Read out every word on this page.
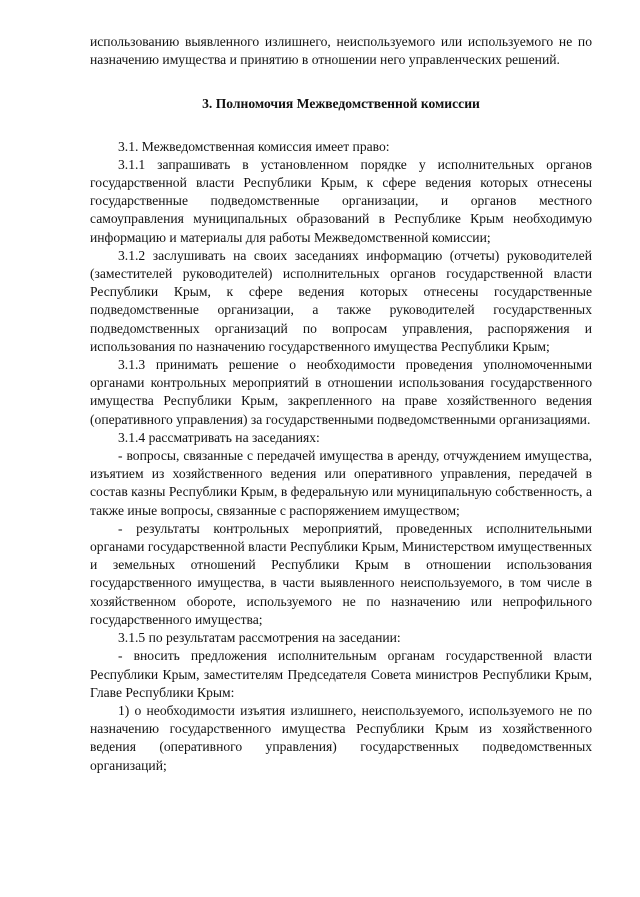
использованию выявленного излишнего, неиспользуемого или используемого не по назначению имущества и принятию в отношении него управленческих решений.

3. Полномочия Межведомственной комиссии

3.1. Межведомственная комиссия имеет право:

3.1.1 запрашивать в установленном порядке у исполнительных органов государственной власти Республики Крым, к сфере ведения которых отнесены государственные подведомственные организации, и органов местного самоуправления муниципальных образований в Республике Крым необходимую информацию и материалы для работы Межведомственной комиссии;

3.1.2 заслушивать на своих заседаниях информацию (отчеты) руководителей (заместителей руководителей) исполнительных органов государственной власти Республики Крым, к сфере ведения которых отнесены государственные подведомственные организации, а также руководителей государственных подведомственных организаций по вопросам управления, распоряжения и использования по назначению государственного имущества Республики Крым;

3.1.3 принимать решение о необходимости проведения уполномоченными органами контрольных мероприятий в отношении использования государственного имущества Республики Крым, закрепленного на праве хозяйственного ведения (оперативного управления) за государственными подведомственными организациями.

3.1.4 рассматривать на заседаниях:

- вопросы, связанные с передачей имущества в аренду, отчуждением имущества, изъятием из хозяйственного ведения или оперативного управления, передачей в состав казны Республики Крым, в федеральную или муниципальную собственность, а также иные вопросы, связанные с распоряжением имуществом;

- результаты контрольных мероприятий, проведенных исполнительными органами государственной власти Республики Крым, Министерством имущественных и земельных отношений Республики Крым в отношении использования государственного имущества, в части выявленного неиспользуемого, в том числе в хозяйственном обороте, используемого не по назначению или непрофильного государственного имущества;

3.1.5 по результатам рассмотрения на заседании:

- вносить предложения исполнительным органам государственной власти Республики Крым, заместителям Председателя Совета министров Республики Крым, Главе Республики Крым:

1) о необходимости изъятия излишнего, неиспользуемого, используемого не по назначению государственного имущества Республики Крым из хозяйственного ведения (оперативного управления) государственных подведомственных организаций;
